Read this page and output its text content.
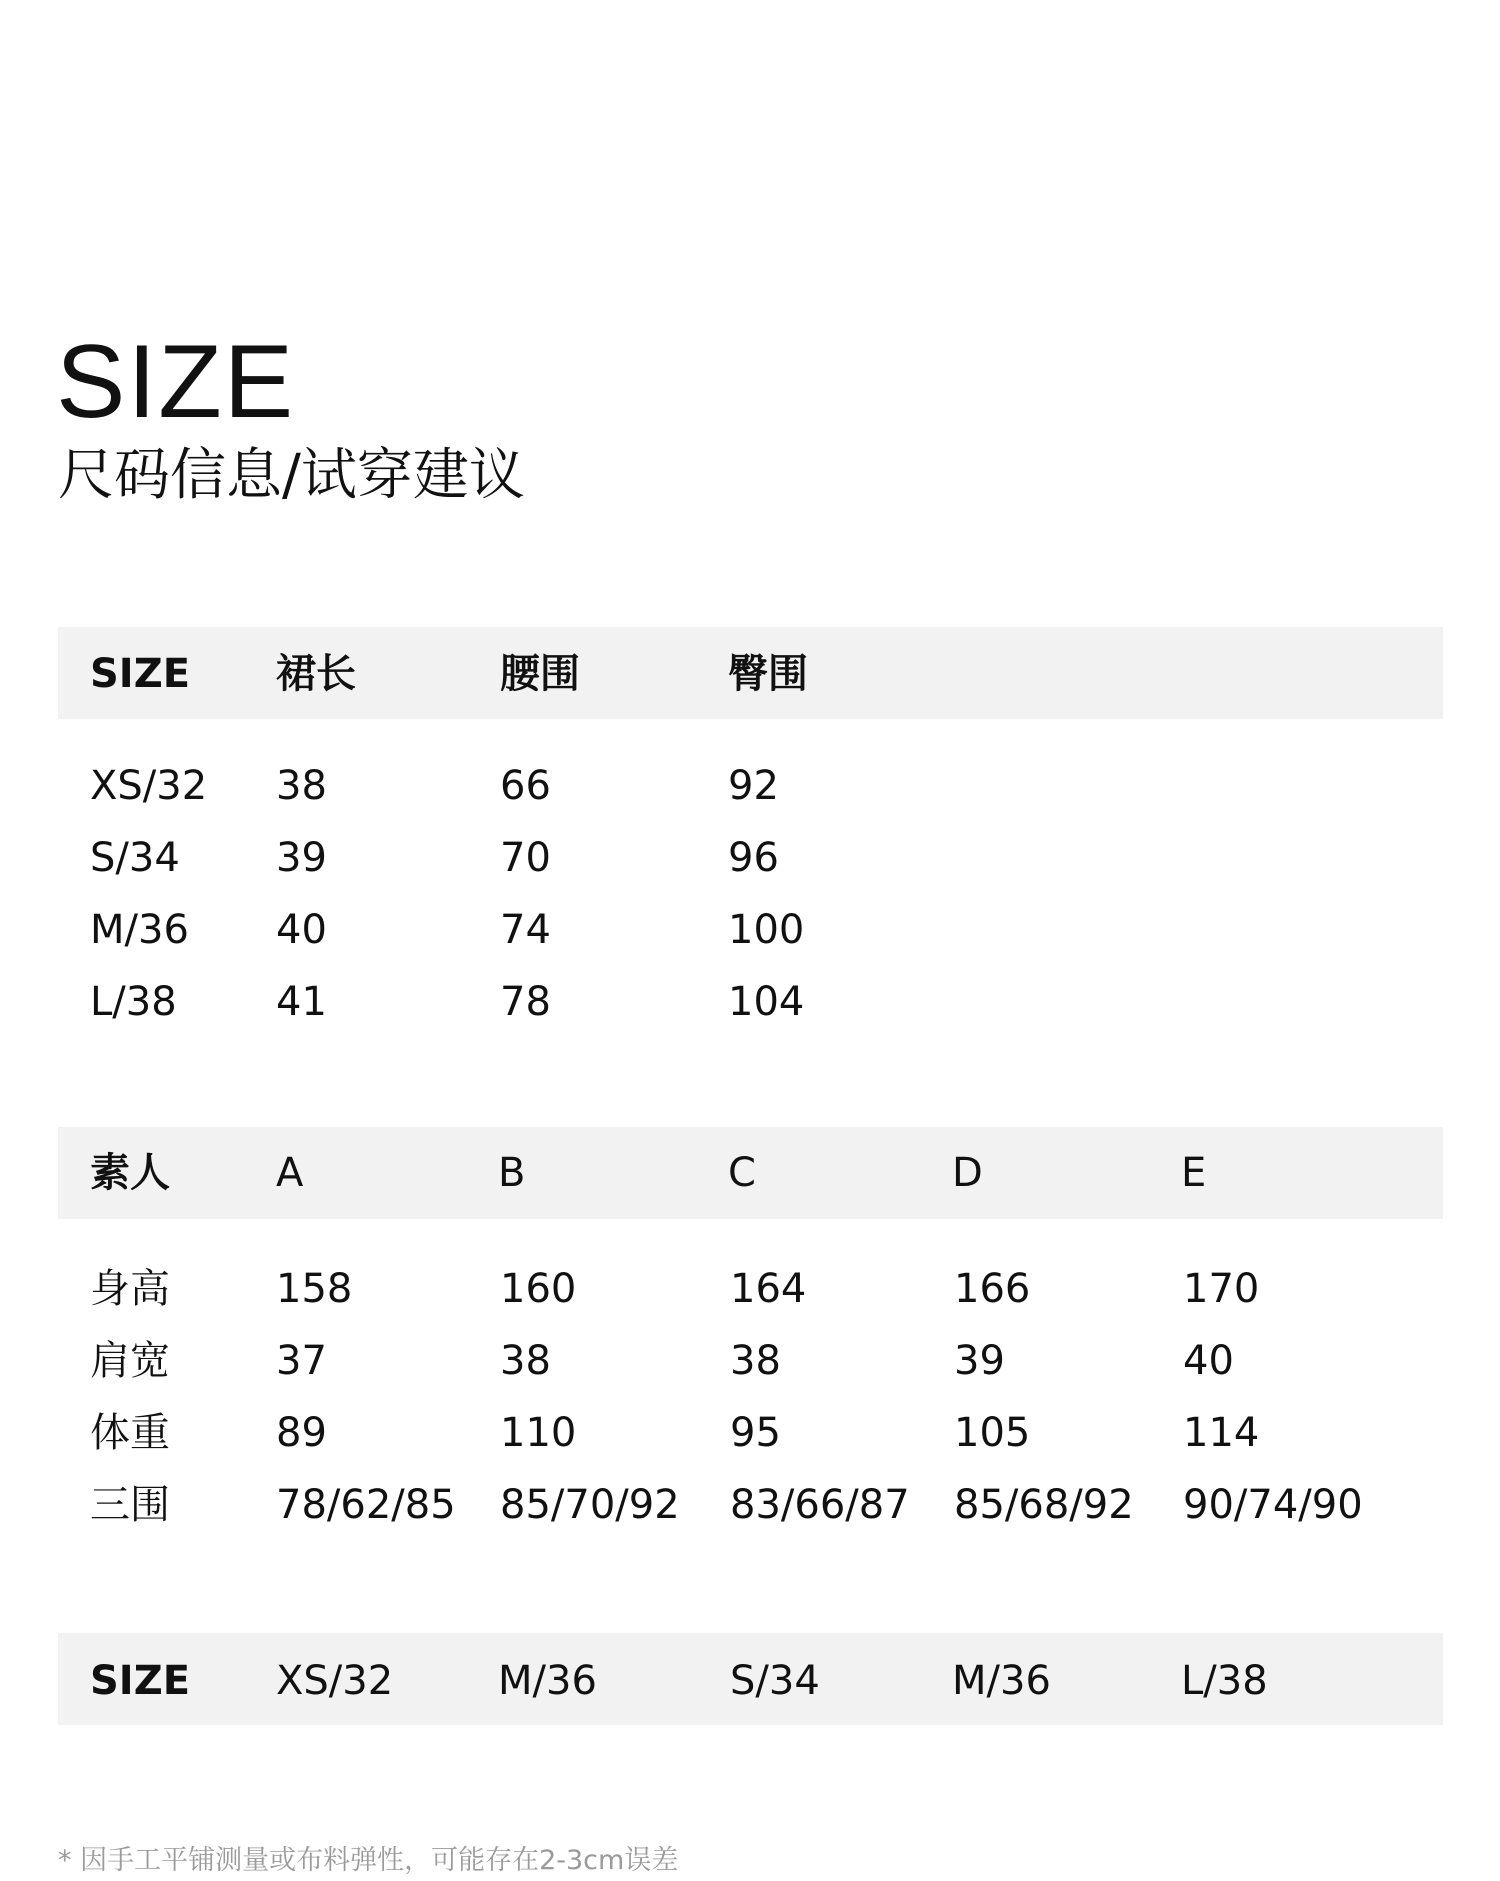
SIZE
尺码信息/试穿建议
SIZE 裙长	腰围	臀围
XS/32 38	66	92
S/34 39	70	96
M/36 40	74	100
L/38 41	78	104
素人	A	B	C	D	E
身高	158	160	164	166	170
肩宽	37	38	38	39	40
体重	89	110	95	105	114
三围	78/62/85 85/70/92 83/66/87 85/68/92 90/74/90
SIZE XS/32	M/36	S/34	M/36	L/38
* 因手工平铺测量或布料弹性，可能存在2-3cm误差
